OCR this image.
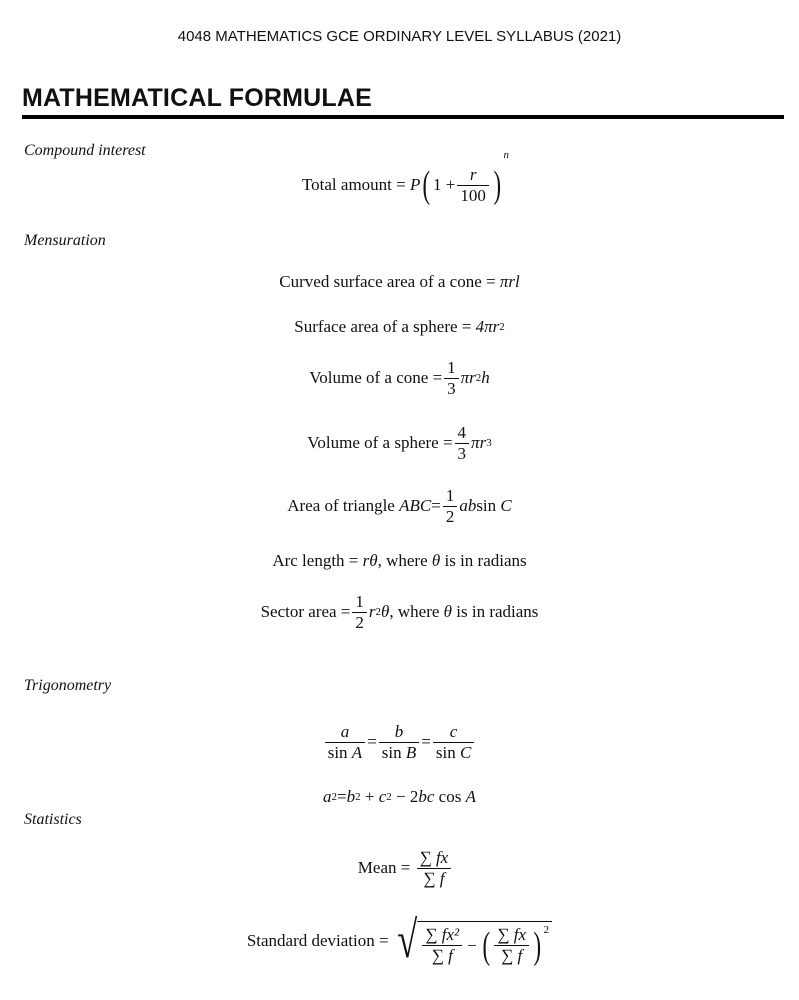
4048 MATHEMATICS GCE ORDINARY LEVEL SYLLABUS (2021)
MATHEMATICAL FORMULAE
Compound interest
Total amount = P( $1 + \frac{r}{100} )^n$
Mensuration
Curved surface area of a cone = πrl
Surface area of a sphere = 4πr2
Volume of a cone = $\frac{1}{3} \pi r2h$
Volume of a sphere = $\frac{4}{3} \pi r3$
Area of triangle $ABC= \frac{1}{2}$ absin C
Arc length = rθ, where θ is in radians
Sector area = $\frac{1}{2} r2\theta$, where θ is in radians
Trigonometry
$\frac{a}{\text{sin A}} = \frac{b}{\text{sin B}} = \frac{c}{\text{sin C}}$
a2=b2 + c2 − 2bc cos A
Statistics
Mean = $\frac{\sum fx}{\sum f}$
Standard deviation = √ $\frac{\text{∑ fx²}}{\sum f}$ − ( $\frac{\sum fx}{\sum f} )^2$
